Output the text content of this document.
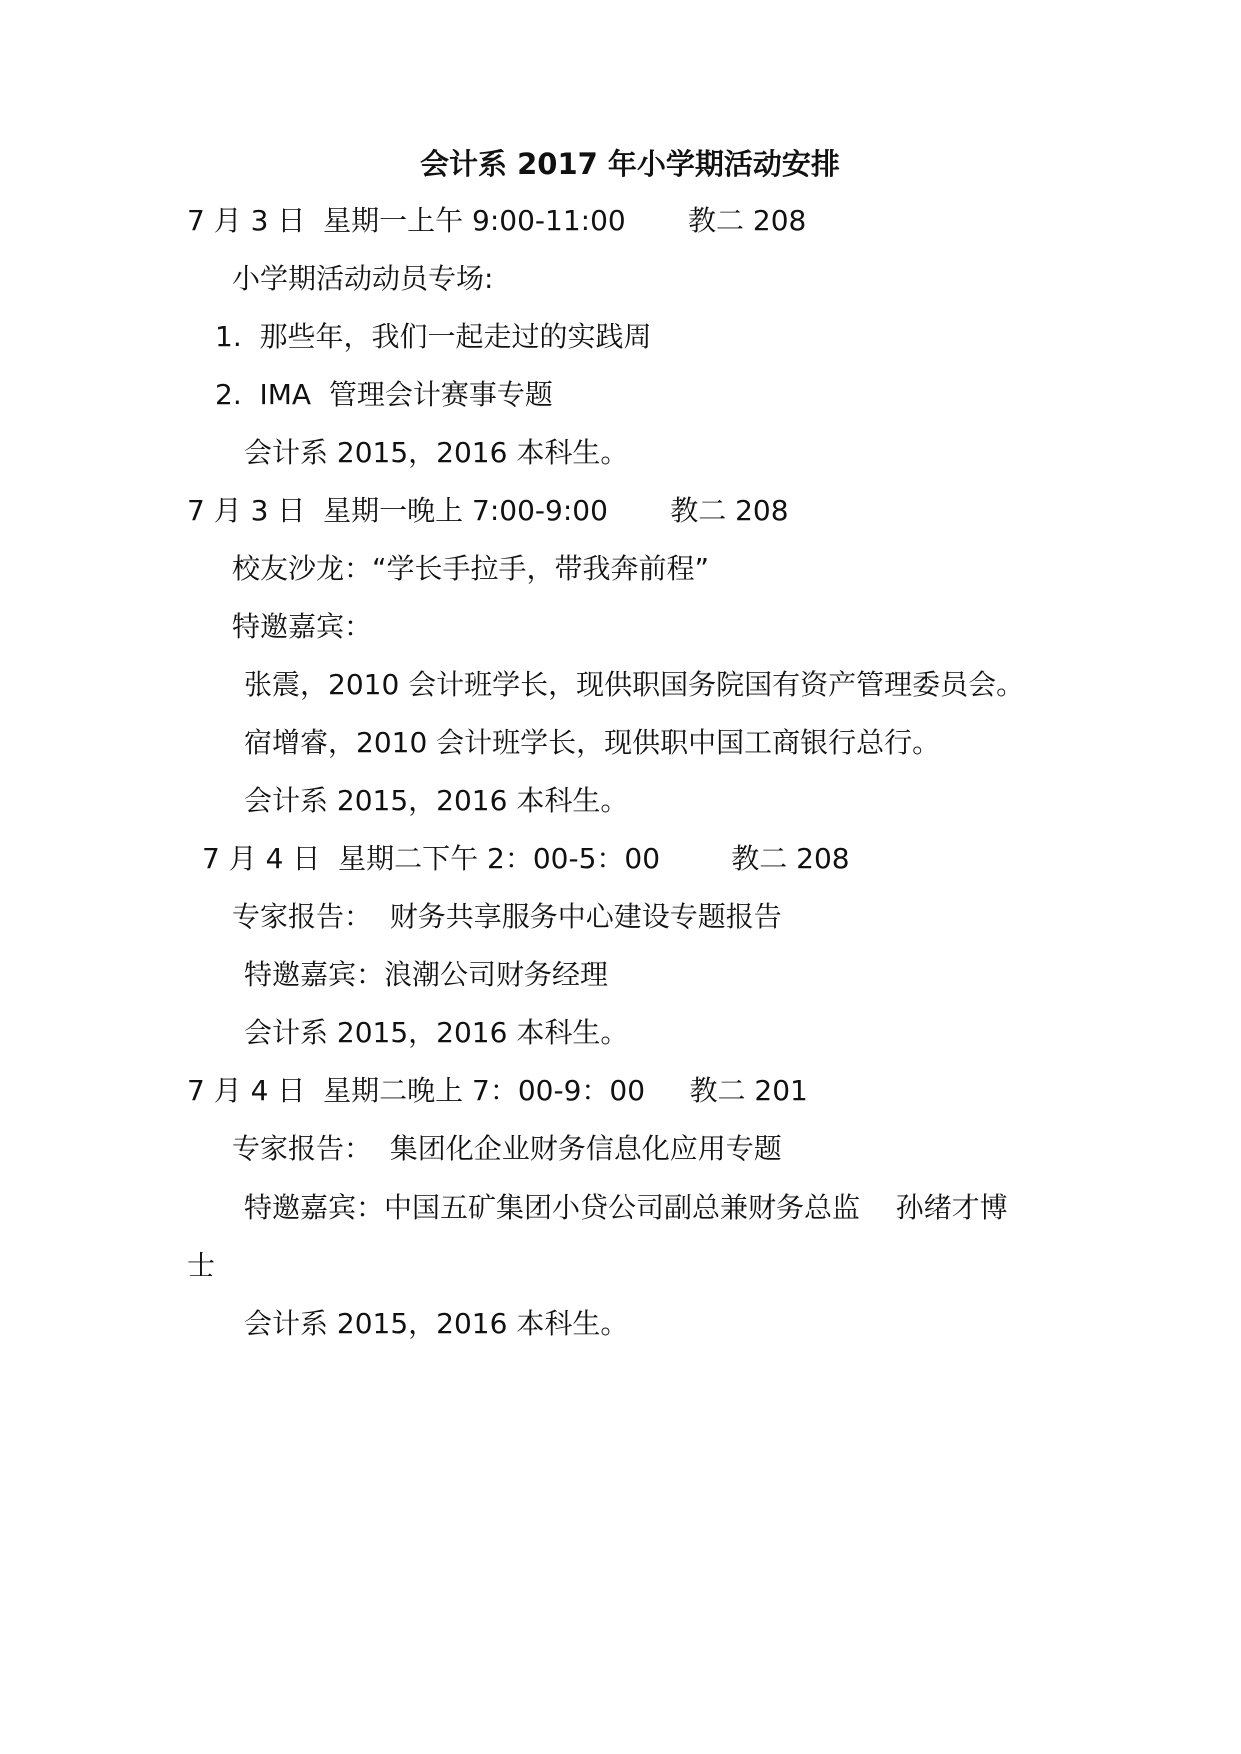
会计系 2017 年小学期活动安排
7 月 3 日  星期一上午 9:00-11:00       教二 208
小学期活动动员专场:
1.  那些年，我们一起走过的实践周
2.  IMA  管理会计赛事专题
会计系 2015，2016 本科生。
7 月 3 日  星期一晚上 7:00-9:00       教二 208
校友沙龙：“学长手拉手，带我奔前程”
特邀嘉宾：
张震，2010 会计班学长，现供职国务院国有资产管理委员会。
宿增睿，2010 会计班学长，现供职中国工商银行总行。
会计系 2015，2016 本科生。
7 月 4 日  星期二下午 2：00-5：00        教二 208
专家报告：  财务共享服务中心建设专题报告
特邀嘉宾：浪潮公司财务经理
会计系 2015，2016 本科生。
7 月 4 日  星期二晚上 7：00-9：00     教二 201
专家报告：  集团化企业财务信息化应用专题
特邀嘉宾：中国五矿集团小贷公司副总兼财务总监    孙绪才博
士
会计系 2015，2016 本科生。
